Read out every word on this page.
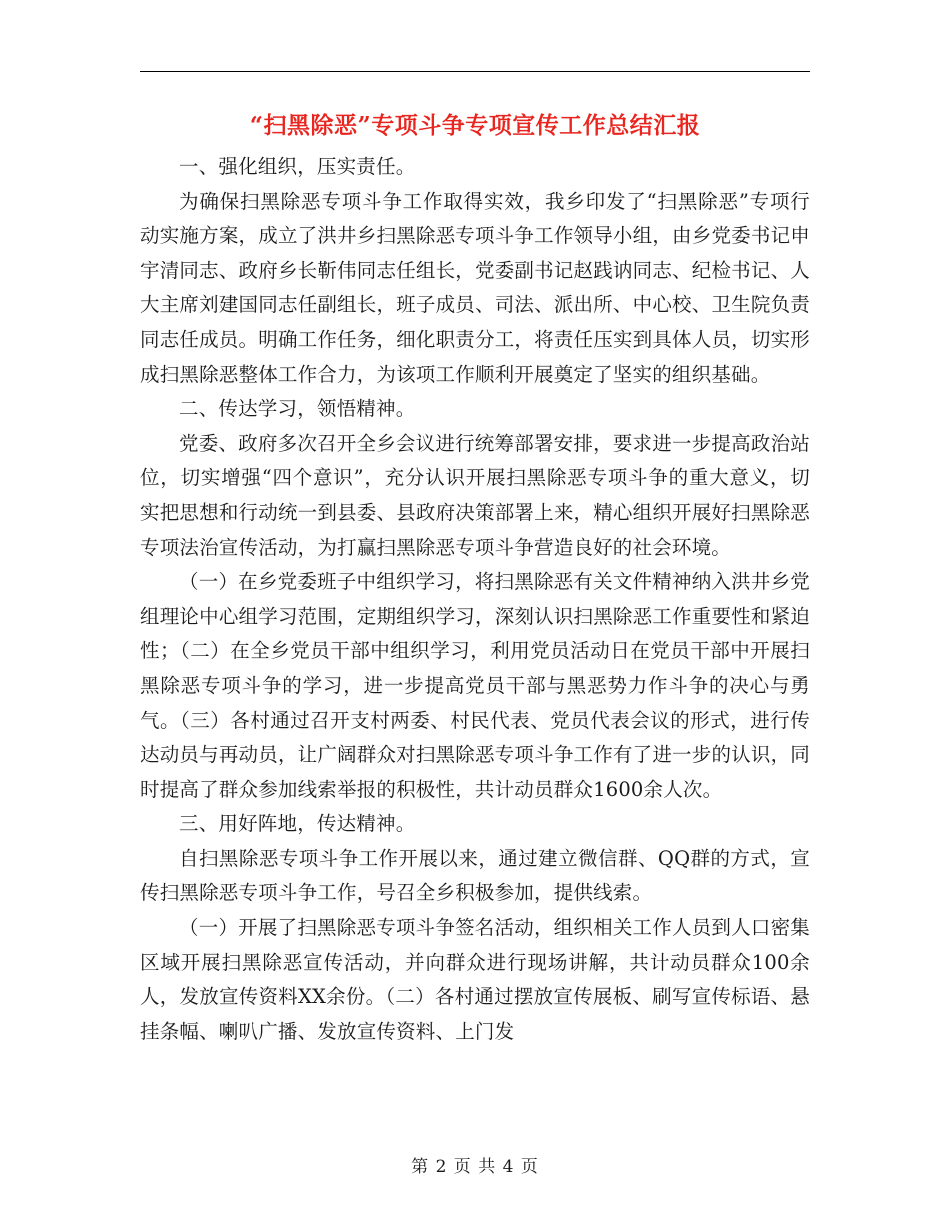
“扫黑除恶”专项斗争专项宣传工作总结汇报

一、强化组织，压实责任。

为确保扫黑除恶专项斗争工作取得实效，我乡印发了“扫黑除恶”专项行动实施方案，成立了洪井乡扫黑除恶专项斗争工作领导小组，由乡党委书记申宇清同志、政府乡长靳伟同志任组长，党委副书记赵践讷同志、纪检书记、人大主席刘建国同志任副组长，班子成员、司法、派出所、中心校、卫生院负责同志任成员。明确工作任务，细化职责分工，将责任压实到具体人员，切实形成扫黑除恶整体工作合力，为该项工作顺利开展奠定了坚实的组织基础。

二、传达学习，领悟精神。

党委、政府多次召开全乡会议进行统筹部署安排，要求进一步提高政治站位，切实增强“四个意识”，充分认识开展扫黑除恶专项斗争的重大意义，切实把思想和行动统一到县委、县政府决策部署上来，精心组织开展好扫黑除恶专项法治宣传活动，为打赢扫黑除恶专项斗争营造良好的社会环境。

（一）在乡党委班子中组织学习，将扫黑除恶有关文件精神纳入洪井乡党组理论中心组学习范围，定期组织学习，深刻认识扫黑除恶工作重要性和紧迫性；（二）在全乡党员干部中组织学习，利用党员活动日在党员干部中开展扫黑除恶专项斗争的学习，进一步提高党员干部与黑恶势力作斗争的决心与勇气。（三）各村通过召开支村两委、村民代表、党员代表会议的形式，进行传达动员与再动员，让广阔群众对扫黑除恶专项斗争工作有了进一步的认识，同时提高了群众参加线索举报的积极性，共计动员群众1600余人次。

三、用好阵地，传达精神。

自扫黑除恶专项斗争工作开展以来，通过建立微信群、QQ群的方式，宣传扫黑除恶专项斗争工作，号召全乡积极参加，提供线索。

（一）开展了扫黑除恶专项斗争签名活动，组织相关工作人员到人口密集区域开展扫黑除恶宣传活动，并向群众进行现场讲解，共计动员群众100余人，发放宣传资料XX余份。（二）各村通过摆放宣传展板、刷写宣传标语、悬挂条幅、喇叭广播、发放宣传资料、上门发

第 2 页 共 4 页
